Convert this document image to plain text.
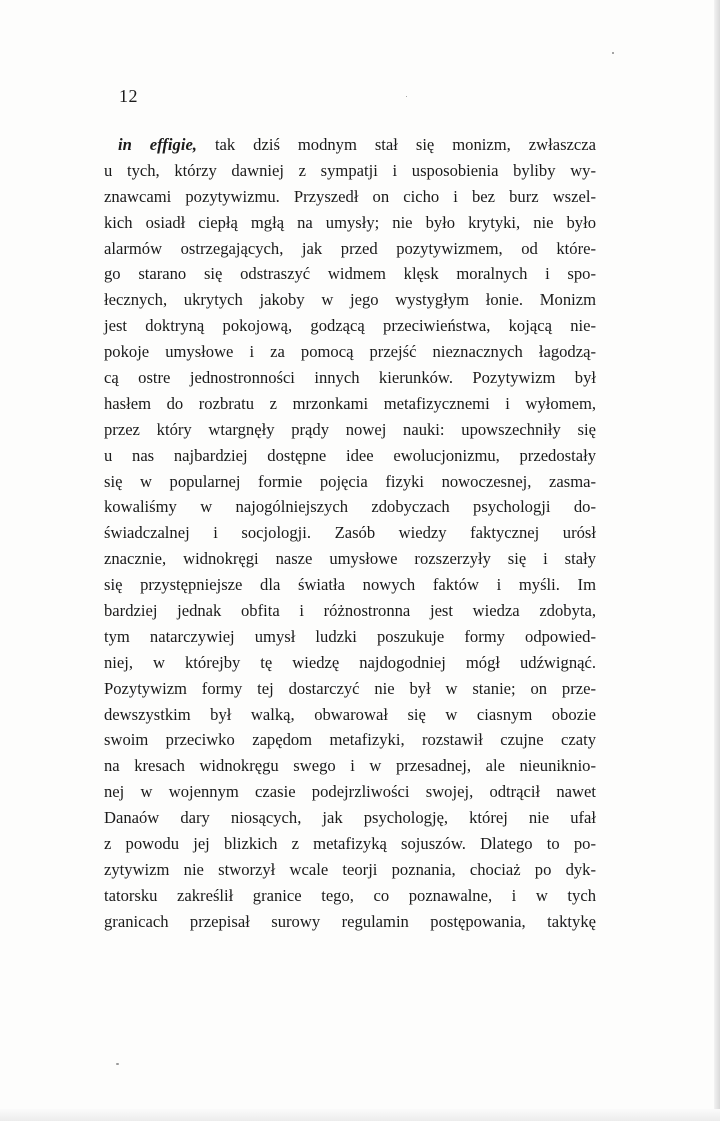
12
in effigie, tak dziś modnym stał się monizm, zwłaszcza
u tych, którzy dawniej z sympatji i usposobienia byliby wy-
znawcami pozytywizmu. Przyszedł on cicho i bez burz wszel-
kich osiadł ciepłą mgłą na umysły; nie było krytyki, nie było
alarmów ostrzegających, jak przed pozytywizmem, od które-
go starano się odstraszyć widmem klęsk moralnych i spo-
łecznych, ukrytych jakoby w jego wystygłym łonie. Monizm
jest doktryną pokojową, godzącą przeciwieństwa, kojącą nie-
pokoje umysłowe i za pomocą przejść nieznacznych łagodzą-
cą ostre jednostronności innych kierunków. Pozytywizm był
hasłem do rozbratu z mrzonkami metafizycznemi i wyłomem,
przez który wtargnęły prądy nowej nauki: upowszechniły się
u nas najbardziej dostępne idee ewolucjonizmu, przedostały
się w popularnej formie pojęcia fizyki nowoczesnej, zasma-
kowaliśmy w najogólniejszych zdobyczach psychologji do-
świadczalnej i socjologji. Zasób wiedzy faktycznej urósł
znacznie, widnokręgi nasze umysłowe rozszerzyły się i stały
się przystępniejsze dla światła nowych faktów i myśli. Im
bardziej jednak obfita i różnostronna jest wiedza zdobyta,
tym natarczywiej umysł ludzki poszukuje formy odpowied-
niej, w którejby tę wiedzę najdogodniej mógł udźwignąć.
Pozytywizm formy tej dostarczyć nie był w stanie; on prze-
dewszystkim był walką, obwarował się w ciasnym obozie
swoim przeciwko zapędom metafizyki, rozstawił czujne czaty
na kresach widnokręgu swego i w przesadnej, ale nieunikniο-
nej w wojennym czasie podejrzliwości swojej, odtrącił nawet
Danaów dary niosących, jak psychologję, której nie ufał
z powodu jej blizkich z metafizyką sojuszów. Dlatego to po-
zytywizm nie stworzył wcale teorji poznania, chociaż po dyk-
tatorsku zakreślił granice tego, co poznawalne, i w tych
granicach przepisał surowy regulamin postępowania, taktykę
